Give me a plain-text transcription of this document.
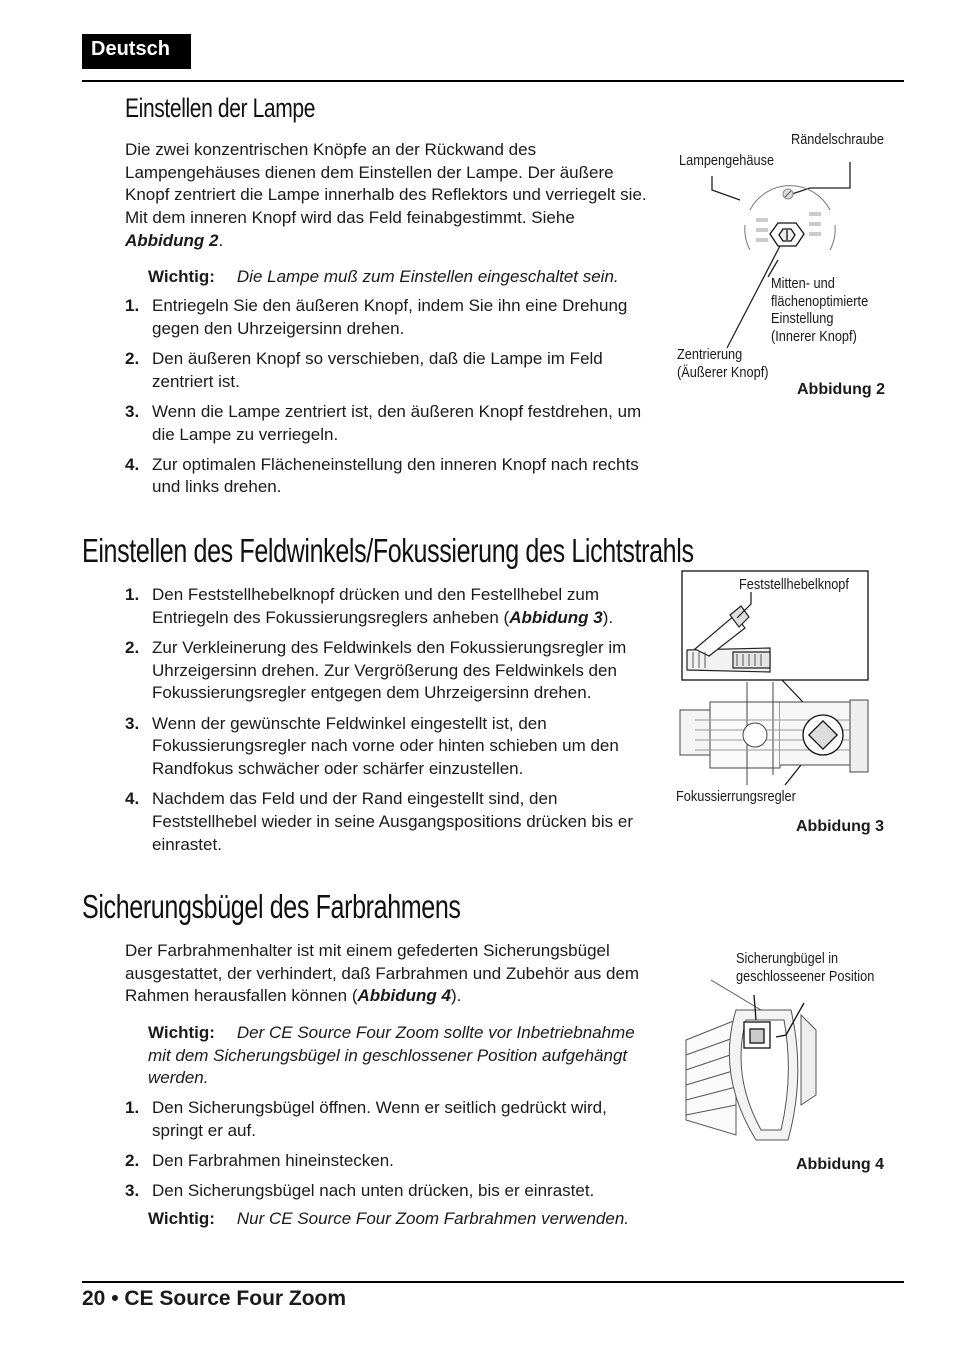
Deutsch
Einstellen der Lampe
Die zwei konzentrischen Knöpfe an der Rückwand des Lampengehäuses dienen dem Einstellen der Lampe. Der äußere Knopf zentriert die Lampe innerhalb des Reflektors und verriegelt sie. Mit dem inneren Knopf wird das Feld feinabgestimmt. Siehe Abbidung 2.
Wichtig: Die Lampe muß zum Einstellen eingeschaltet sein.
1. Entriegeln Sie den äußeren Knopf, indem Sie ihn eine Drehung gegen den Uhrzeigersinn drehen.
2. Den äußeren Knopf so verschieben, daß die Lampe im Feld zentriert ist.
3. Wenn die Lampe zentriert ist, den äußeren Knopf festdrehen, um die Lampe zu verriegeln.
4. Zur optimalen Flächeneinstellung den inneren Knopf nach rechts und links drehen.
Rändelschraube
Lampengehäuse
Mitten- und
flächenoptimierte
Einstellung
(Innerer Knopf)
Zentrierung
(Äußerer Knopf)
Abbidung 2
Einstellen des Feldwinkels/Fokussierung des Lichtstrahls
1. Den Feststellhebelknopf drücken und den Festellhebel zum Entriegeln des Fokussierungsreglers anheben (Abbidung 3).
2. Zur Verkleinerung des Feldwinkels den Fokussierungsregler im Uhrzeigersinn drehen. Zur Vergrößerung des Feldwinkels den Fokussierungsregler entgegen dem Uhrzeigersinn drehen.
3. Wenn der gewünschte Feldwinkel eingestellt ist, den Fokussierungsregler nach vorne oder hinten schieben um den Randfokus schwächer oder schärfer einzustellen.
4. Nachdem das Feld und der Rand eingestellt sind, den Feststellhebel wieder in seine Ausgangspositions drücken bis er einrastet.
Feststellhebelknopf
Fokussierrungsregler
Abbidung 3
Sicherungsbügel des Farbrahmens
Der Farbrahmenhalter ist mit einem gefederten Sicherungsbügel ausgestattet, der verhindert, daß Farbrahmen und Zubehör aus dem Rahmen herausfallen können (Abbidung 4).
Wichtig: Der CE Source Four Zoom sollte vor Inbetriebnahme mit dem Sicherungsbügel in geschlossener Position aufgehängt werden.
1. Den Sicherungsbügel öffnen. Wenn er seitlich gedrückt wird, springt er auf.
2. Den Farbrahmen hineinstecken.
3. Den Sicherungsbügel nach unten drücken, bis er einrastet.
Wichtig: Nur CE Source Four Zoom Farbrahmen verwenden.
Sicherungbügel in
geschlosseener Position
Abbidung 4
20 • CE Source Four Zoom
